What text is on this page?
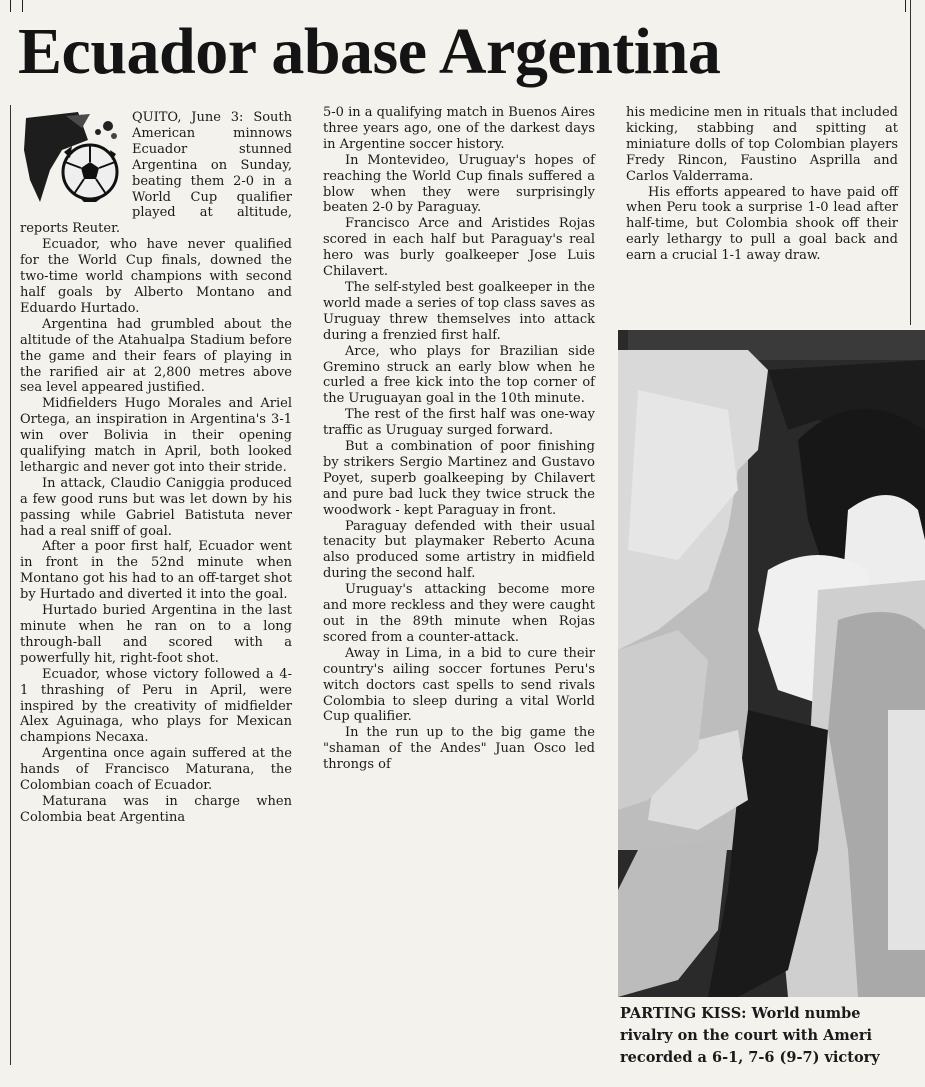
Ecuador abase Argentina

QUITO, June 3: South American minnows Ecuador stunned Argentina on Sunday, beating them 2-0 in a World Cup qualifier played at altitude, reports Reuter.

Ecuador, who have never qualified for the World Cup finals, downed the two-time world champions with second half goals by Alberto Montano and Eduardo Hurtado.

Argentina had grumbled about the altitude of the Atahualpa Stadium before the game and their fears of playing in the rarified air at 2,800 metres above sea level appeared justified.

Midfielders Hugo Morales and Ariel Ortega, an inspiration in Argentina's 3-1 win over Bolivia in their opening qualifying match in April, both looked lethargic and never got into their stride.

In attack, Claudio Caniggia produced a few good runs but was let down by his passing while Gabriel Batistuta never had a real sniff of goal.

After a poor first half, Ecuador went in front in the 52nd minute when Montano got his had to an off-target shot by Hurtado and diverted it into the goal.

Hurtado buried Argentina in the last minute when he ran on to a long through-ball and scored with a powerfully hit, right-foot shot.

Ecuador, whose victory followed a 4-1 thrashing of Peru in April, were inspired by the creativity of midfielder Alex Aguinaga, who plays for Mexican champions Necaxa.

Argentina once again suffered at the hands of Francisco Maturana, the Colombian coach of Ecuador.

Maturana was in charge when Colombia beat Argentina

5-0 in a qualifying match in Buenos Aires three years ago, one of the darkest days in Argentine soccer history.

In Montevideo, Uruguay's hopes of reaching the World Cup finals suffered a blow when they were surprisingly beaten 2-0 by Paraguay.

Francisco Arce and Aristides Rojas scored in each half but Paraguay's real hero was burly goalkeeper Jose Luis Chilavert.

The self-styled best goalkeeper in the world made a series of top class saves as Uruguay threw themselves into attack during a frenzied first half.

Arce, who plays for Brazilian side Gremino struck an early blow when he curled a free kick into the top corner of the Uruguayan goal in the 10th minute.

The rest of the first half was one-way traffic as Uruguay surged forward.

But a combination of poor finishing by strikers Sergio Martinez and Gustavo Poyet, superb goalkeeping by Chilavert and pure bad luck they twice struck the woodwork - kept Paraguay in front.

Paraguay defended with their usual tenacity but playmaker Reberto Acuna also produced some artistry in midfield during the second half.

Uruguay's attacking become more and more reckless and they were caught out in the 89th minute when Rojas scored from a counter-attack.

Away in Lima, in a bid to cure their country's ailing soccer fortunes Peru's witch doctors cast spells to send rivals Colombia to sleep during a vital World Cup qualifier.

In the run up to the big game the "shaman of the Andes" Juan Osco led throngs of

his medicine men in rituals that included kicking, stabbing and spitting at miniature dolls of top Colombian players Fredy Rincon, Faustino Asprilla and Carlos Valderrama.

His efforts appeared to have paid off when Peru took a surprise 1-0 lead after half-time, but Colombia shook off their early lethargy to pull a goal back and earn a crucial 1-1 away draw.

PARTING KISS: World numbe
rivalry on the court with Ameri
recorded a 6-1, 7-6 (9-7) victory
